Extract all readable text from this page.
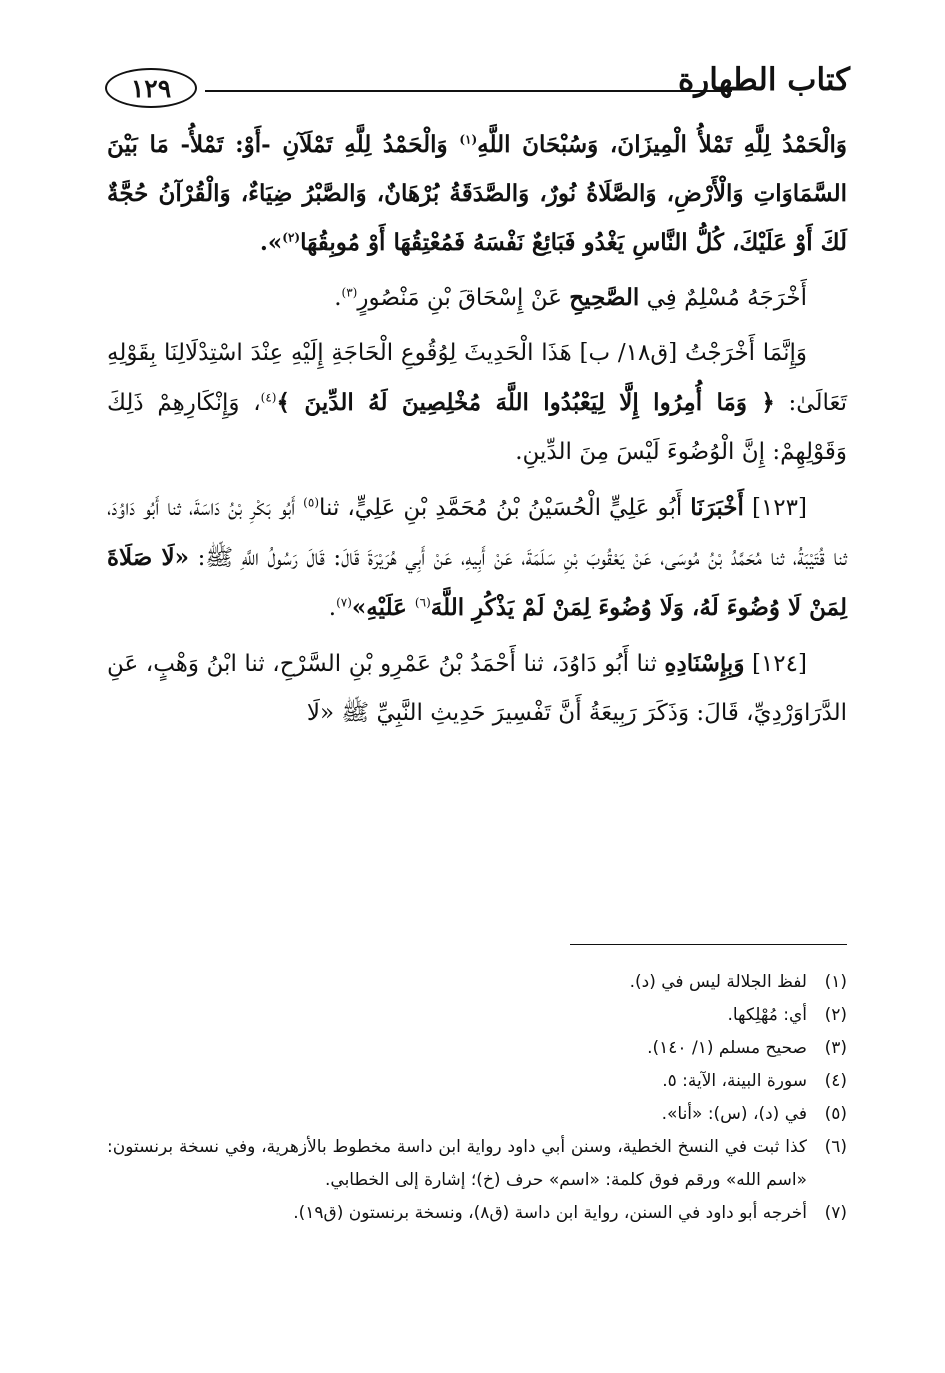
كتاب الطهارة
١٢٩

وَالْحَمْدُ لِلَّهِ تَمْلأُ الْمِيزَانَ، وَسُبْحَانَ اللَّهِ$^{(١)}$ وَالْحَمْدُ لِلَّهِ تَمْلَآنِ -أَوْ: تَمْلأُ- مَا بَيْنَ السَّمَاوَاتِ وَالْأَرْضِ، وَالصَّلَاةُ نُورٌ، وَالصَّدَقَةُ بُرْهَانٌ، وَالصَّبْرُ ضِيَاءٌ، وَالْقُرْآنُ حُجَّةٌ لَكَ أَوْ عَلَيْكَ، كُلُّ النَّاسِ يَغْدُو فَبَائِعٌ نَفْسَهُ فَمُعْتِقُهَا أَوْ مُوبِقُهَا$^{(٢)}$».

أَخْرَجَهُ مُسْلِمٌ فِي الصَّحِيحِ عَنْ إِسْحَاقَ بْنِ مَنْصُورٍ$^{(٣)}$.

وَإِنَّمَا أَخْرَجْتُ [ق١٨/ ب] هَذَا الْحَدِيثَ لِوُقُوعِ الْحَاجَةِ إِلَيْهِ عِنْدَ اسْتِدْلَالِنَا بِقَوْلِهِ تَعَالَىٰ: ﴿ وَمَا أُمِرُوا إِلَّا لِيَعْبُدُوا اللَّهَ مُخْلِصِينَ لَهُ الدِّينَ ﴾$^{(٤)}$، وَإِنْكَارِهِمْ ذَلِكَ وَقَوْلِهِمْ: إِنَّ الْوُضُوءَ لَيْسَ مِنَ الدِّينِ.

[١٢٣] أَخْبَرَنَا أَبُو عَلِيٍّ الْحُسَيْنُ بْنُ مُحَمَّدِ بْنِ عَلِيٍّ، ثنا$^{(٥)}$ أَبُو بَكْرِ بْنُ دَاسَةَ، ثنا أَبُو دَاوُدَ، ثنا قُتَيْبَةُ، ثنا مُحَمَّدُ بْنُ مُوسَى، عَنْ يَعْقُوبَ بْنِ سَلَمَةَ، عَنْ أَبِيهِ، عَنْ أَبِي هُرَيْرَةَ قَالَ: قَالَ رَسُولُ اللَّهِ ﷺ: «لَا صَلَاةَ لِمَنْ لَا وُضُوءَ لَهُ، وَلَا وُضُوءَ لِمَنْ لَمْ يَذْكُرِ اللَّهَ$^{(٦)}$ عَلَيْهِ»$^{(٧)}$.

[١٢٤] وَبِإِسْنَادِهِ ثنا أَبُو دَاوُدَ، ثنا أَحْمَدُ بْنُ عَمْرِو بْنِ السَّرْحِ، ثنا ابْنُ وَهْبٍ، عَنِ الدَّرَاوَرْدِيِّ، قَالَ: وَذَكَرَ رَبِيعَةُ أَنَّ تَفْسِيرَ حَدِيثِ النَّبِيِّ ﷺ «لَا

(١)
لفظ الجلالة ليس في (د).
(٢)
أي: مُهْلِكها.
(٣)
صحيح مسلم (١/ ١٤٠).
(٤)
سورة البينة، الآية: ٥.
(٥)
في (د)، (س): «أنا».
(٦)
كذا ثبت في النسخ الخطية، وسنن أبي داود رواية ابن داسة مخطوط بالأزهرية، وفي نسخة برنستون: «اسم الله» ورقم فوق كلمة: «اسم» حرف (خ)؛ إشارة إلى الخطابي.
(٧)
أخرجه أبو داود في السنن، رواية ابن داسة (ق٨)، ونسخة برنستون (ق١٩).
